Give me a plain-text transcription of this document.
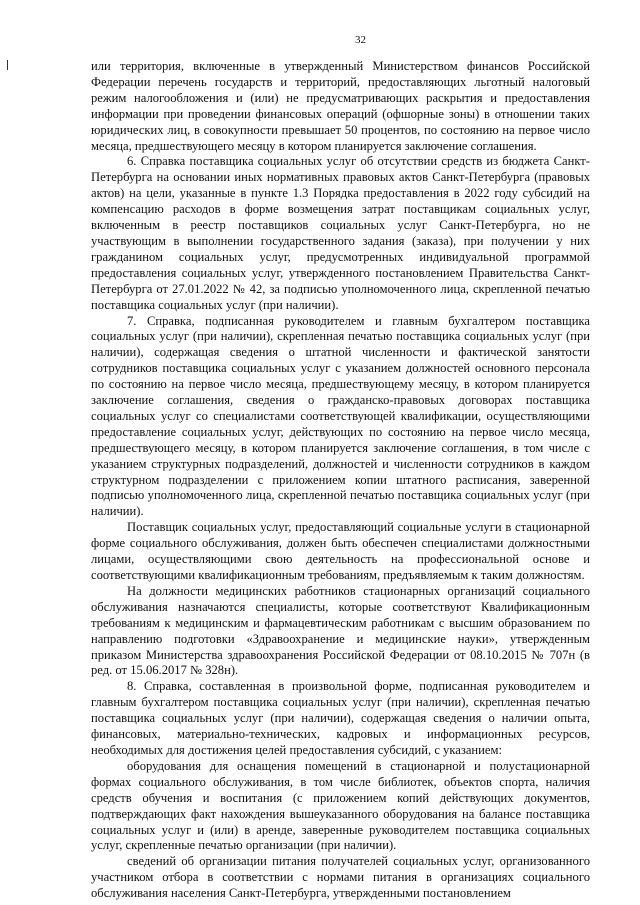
32

или территория, включенные в утвержденный Министерством финансов Российской Федерации перечень государств и территорий, предоставляющих льготный налоговый режим налогообложения и (или) не предусматривающих раскрытия и предоставления информации при проведении финансовых операций (офшорные зоны) в отношении таких юридических лиц, в совокупности превышает 50 процентов, по состоянию на первое число месяца, предшествующего месяцу в котором планируется заключение соглашения.

6. Справка поставщика социальных услуг об отсутствии средств из бюджета Санкт-Петербурга на основании иных нормативных правовых актов Санкт-Петербурга (правовых актов) на цели, указанные в пункте 1.3 Порядка предоставления в 2022 году субсидий на компенсацию расходов в форме возмещения затрат поставщикам социальных услуг, включенным в реестр поставщиков социальных услуг Санкт-Петербурга, но не участвующим в выполнении государственного задания (заказа), при получении у них гражданином социальных услуг, предусмотренных индивидуальной программой предоставления социальных услуг, утвержденного постановлением Правительства Санкт-Петербурга от 27.01.2022 № 42, за подписью уполномоченного лица, скрепленной печатью поставщика социальных услуг (при наличии).

7. Справка, подписанная руководителем и главным бухгалтером поставщика социальных услуг (при наличии), скрепленная печатью поставщика социальных услуг (при наличии), содержащая сведения о штатной численности и фактической занятости сотрудников поставщика социальных услуг с указанием должностей основного персонала по состоянию на первое число месяца, предшествующему месяцу, в котором планируется заключение соглашения, сведения о гражданско-правовых договорах поставщика социальных услуг со специалистами соответствующей квалификации, осуществляющими предоставление социальных услуг, действующих по состоянию на первое число месяца, предшествующего месяцу, в котором планируется заключение соглашения, в том числе с указанием структурных подразделений, должностей и численности сотрудников в каждом структурном подразделении с приложением копии штатного расписания, заверенной подписью уполномоченного лица, скрепленной печатью поставщика социальных услуг (при наличии).

Поставщик социальных услуг, предоставляющий социальные услуги в стационарной форме социального обслуживания, должен быть обеспечен специалистами должностными лицами, осуществляющими свою деятельность на профессиональной основе и соответствующими квалификационным требованиям, предъявляемым к таким должностям.

На должности медицинских работников стационарных организаций социального обслуживания назначаются специалисты, которые соответствуют Квалификационным требованиям к медицинским и фармацевтическим работникам с высшим образованием по направлению подготовки «Здравоохранение и медицинские науки», утвержденным приказом Министерства здравоохранения Российской Федерации от 08.10.2015 № 707н (в ред. от 15.06.2017 № 328н).

8. Справка, составленная в произвольной форме, подписанная руководителем и главным бухгалтером поставщика социальных услуг (при наличии), скрепленная печатью поставщика социальных услуг (при наличии), содержащая сведения о наличии опыта, финансовых, материально-технических, кадровых и информационных ресурсов, необходимых для достижения целей предоставления субсидий, с указанием:

оборудования для оснащения помещений в стационарной и полустационарной формах социального обслуживания, в том числе библиотек, объектов спорта, наличия средств обучения и воспитания (с приложением копий действующих документов, подтверждающих факт нахождения вышеуказанного оборудования на балансе поставщика социальных услуг и (или) в аренде, заверенные руководителем поставщика социальных услуг, скрепленные печатью организации (при наличии).

сведений об организации питания получателей социальных услуг, организованного участником отбора в соответствии с нормами питания в организациях социального обслуживания населения Санкт-Петербурга, утвержденными постановлением
